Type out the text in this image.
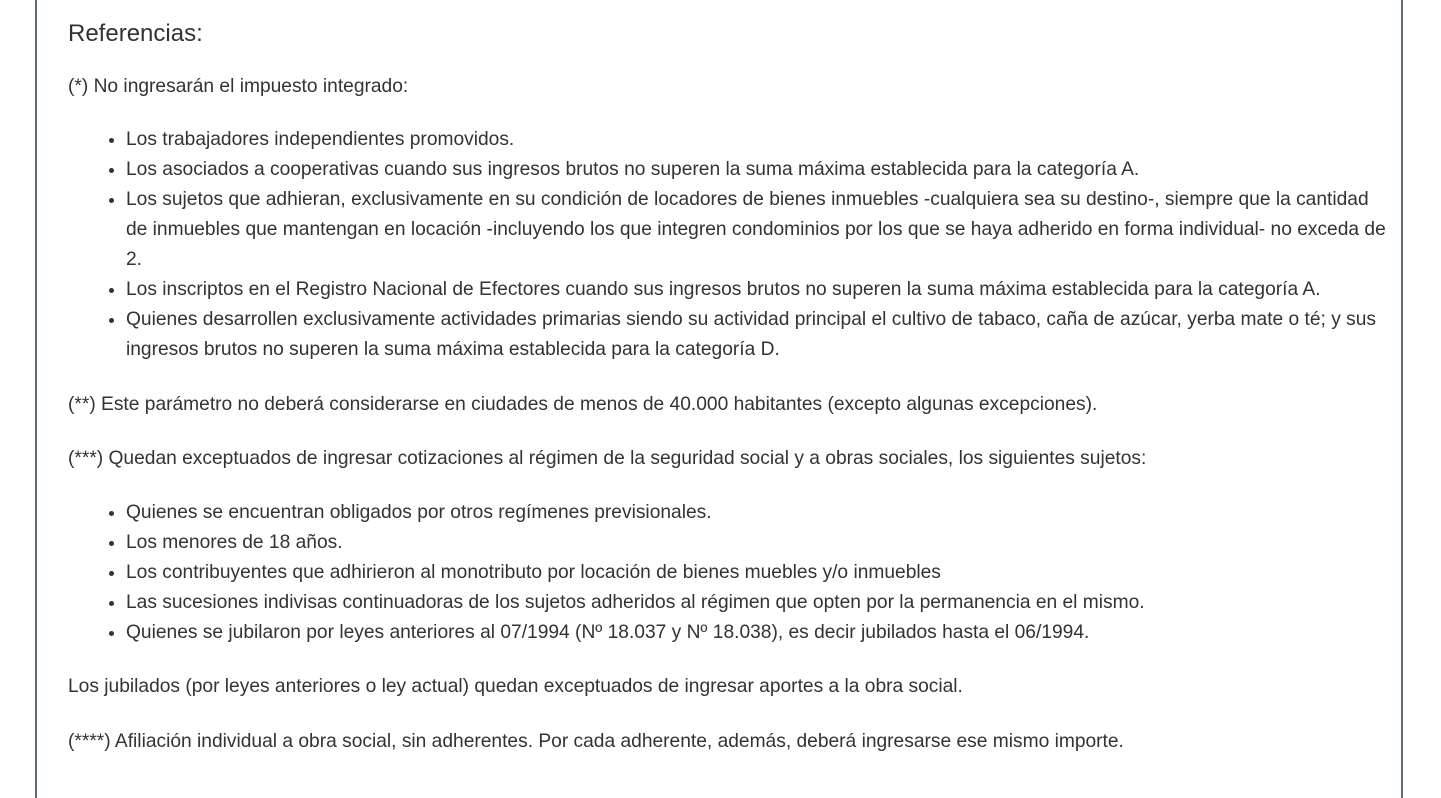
Referencias:

(*) No ingresarán el impuesto integrado:

Los trabajadores independientes promovidos.
Los asociados a cooperativas cuando sus ingresos brutos no superen la suma máxima establecida para la categoría A.
Los sujetos que adhieran, exclusivamente en su condición de locadores de bienes inmuebles -cualquiera sea su destino-, siempre que la cantidad de inmuebles que mantengan en locación -incluyendo los que integren condominios por los que se haya adherido en forma individual- no exceda de 2.
Los inscriptos en el Registro Nacional de Efectores cuando sus ingresos brutos no superen la suma máxima establecida para la categoría A.
Quienes desarrollen exclusivamente actividades primarias siendo su actividad principal el cultivo de tabaco, caña de azúcar, yerba mate o té; y sus ingresos brutos no superen la suma máxima establecida para la categoría D.

(**) Este parámetro no deberá considerarse en ciudades de menos de 40.000 habitantes (excepto algunas excepciones).

(***) Quedan exceptuados de ingresar cotizaciones al régimen de la seguridad social y a obras sociales, los siguientes sujetos:

Quienes se encuentran obligados por otros regímenes previsionales.
Los menores de 18 años.
Los contribuyentes que adhirieron al monotributo por locación de bienes muebles y/o inmuebles
Las sucesiones indivisas continuadoras de los sujetos adheridos al régimen que opten por la permanencia en el mismo.
Quienes se jubilaron por leyes anteriores al 07/1994 (Nº 18.037 y Nº 18.038), es decir jubilados hasta el 06/1994.

Los jubilados (por leyes anteriores o ley actual) quedan exceptuados de ingresar aportes a la obra social.

(****) Afiliación individual a obra social, sin adherentes. Por cada adherente, además, deberá ingresarse ese mismo importe.
